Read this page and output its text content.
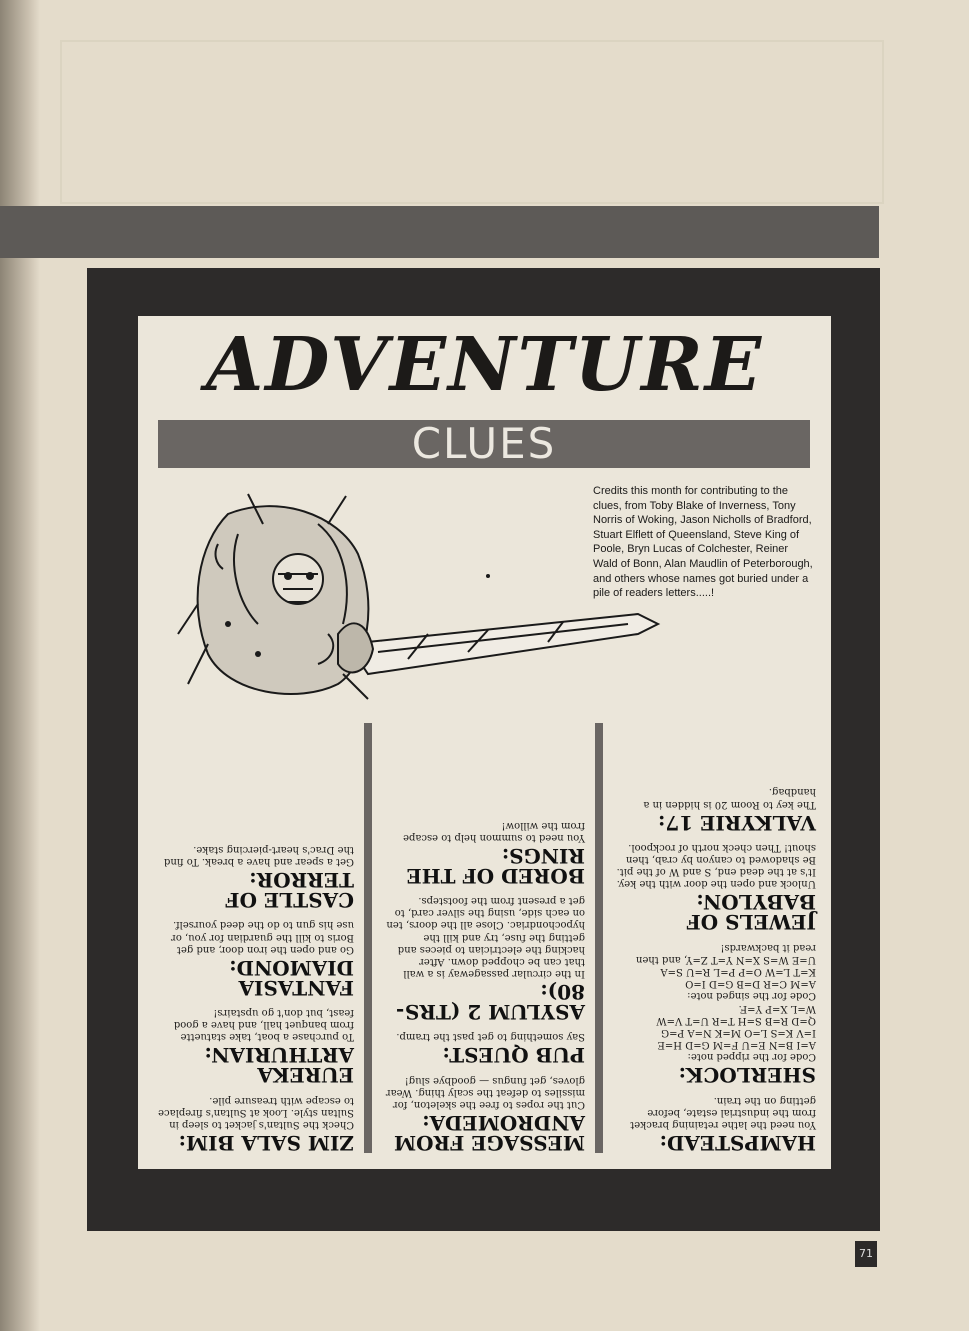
ADVENTURE
CLUES
Credits this month for contributing to the clues, from Toby Blake of Inverness, Tony Norris of Woking, Jason Nicholls of Bradford, Stuart Elflett of Queensland, Steve King of Poole, Bryn Lucas of Colchester, Reiner Wald of Bonn, Alan Maudlin of Peterborough, and others whose names got buried under a pile of readers letters.....!

HAMPSTEAD:

You need the lathe retaining bracket from the industrial estate, before getting on the train.

SHERLOCK:

Code for the ripped note:
A=I B=N E=U F=M G=D H=E
I=V K=S L=O M=K N=A P=G
Q=D R=B S=H T=R U=T V=W
W=L X=P Y=F.
Code for the singed note:
A=M C=R D=B G=D I=O
K=T L=W O=P P=L R=U S=A
U=E W=S X=N Y=T Z=Y, and then read it backwards!

JEWELS OF BABYLON:

Unlock and open the door with the key. It's at the dead end, S and W of the pit. Be shadowed to canyon by crab, then shout! Then check north of rockpool.

VALKYRIE 17:

The key to Room 20 is hidden in a handbag.

MESSAGE FROM ANDROMEDA:

Cut the ropes to free the skeleton, for missiles to defeat the scaly thing. Wear gloves, get fungus — goodbye slug!

PUB QUEST:

Say something to get past the tramp.

ASYLUM 2 (TRS-80):

In the circular passageway is a wall that can be chopped down. After hacking the electrician to pieces and getting the fuse, try and kill the hypochondriac. Close all the doors, ten on each side, using the silver card, to get a present from the footsteps.

BORED OF THE RINGS:

You need to summon help to escape from the willow!

ZIM SALA BIM:

Check the Sultan's jacket to sleep in Sultan style. Look at Sultan's fireplace to escape with treasure pile.

EUREKA ARTHURIAN:

To purchase a boat, take statuette from banquet hall, and have a good feast, but don't go upstairs!

FANTASIA DIAMOND:

Go and open the iron door, and get Boris to kill the guardian for you, or use his gun to do the deed yourself.

CASTLE OF TERROR:

Get a spear and have a break. To find the Drac's heart-piercing stake.

71
